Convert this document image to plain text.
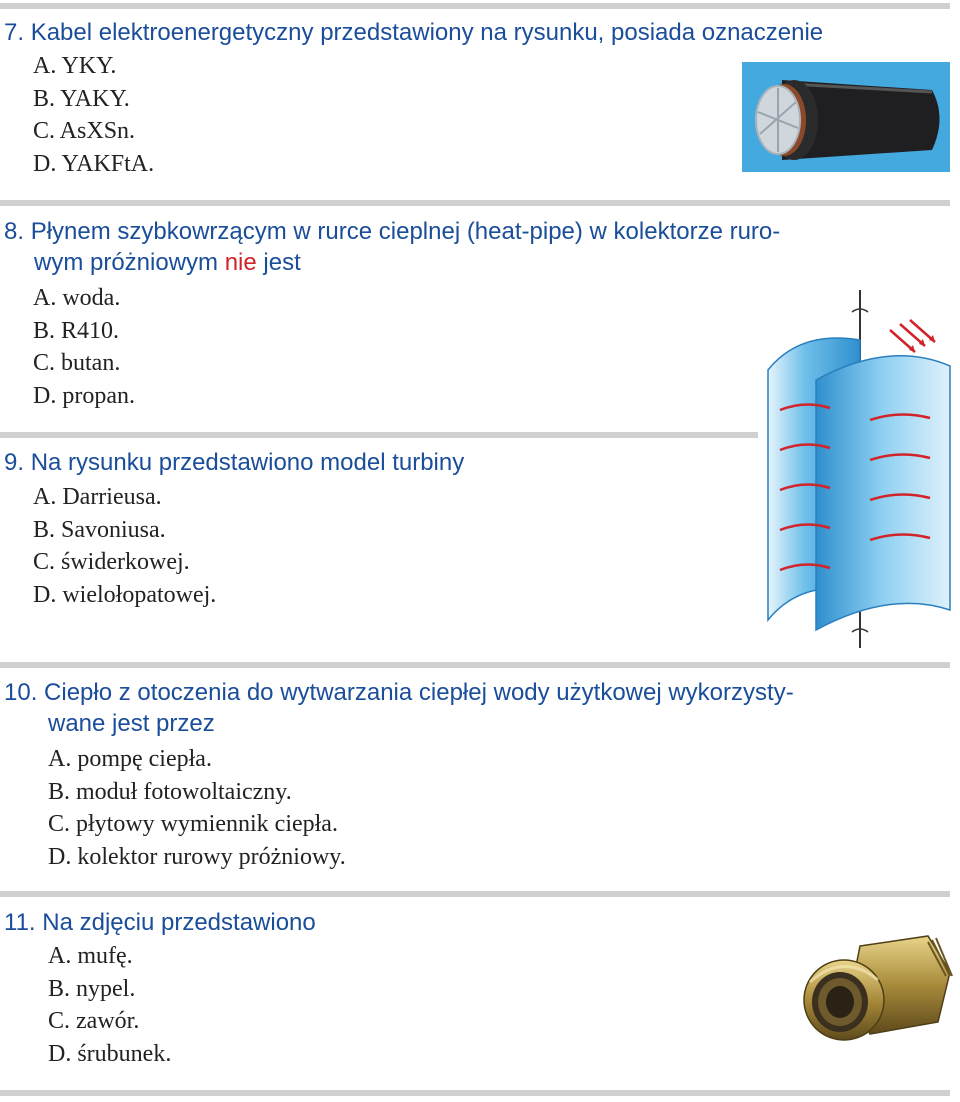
7. Kabel elektroenergetyczny przedstawiony na rysunku, posiada oznaczenie
A. YKY.
B. YAKY.
C. AsXSn.
D. YAKFtA.
8. Płynem szybkowrzącym w rurce cieplnej (heat-pipe) w kolektorze ruro-
wym próżniowym nie jest
A. woda.
B. R410.
C. butan.
D. propan.
9. Na rysunku przedstawiono model turbiny
A. Darrieusa.
B. Savoniusa.
C. świderkowej.
D. wielołopatowej.
10. Ciepło z otoczenia do wytwarzania ciepłej wody użytkowej wykorzysty-
wane jest przez
A. pompę ciepła.
B. moduł fotowoltaiczny.
C. płytowy wymiennik ciepła.
D. kolektor rurowy próżniowy.
11. Na zdjęciu przedstawiono
A. mufę.
B. nypel.
C. zawór.
D. śrubunek.
